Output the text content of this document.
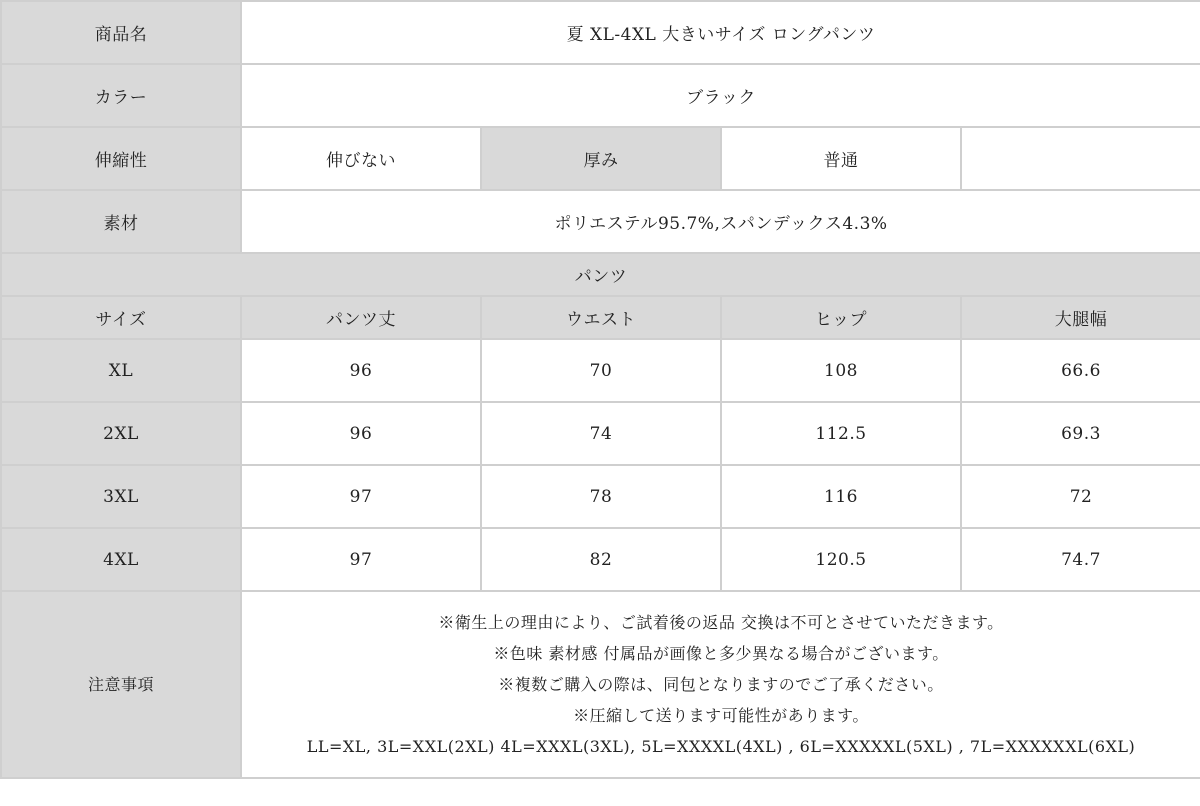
商品名	夏 XL-4XL 大きいサイズ ロングパンツ			
カラー	ブラック			
伸縮性	伸びない	厚み	普通	
素材	ポリエステル95.7%,スパンデックス4.3%			
パンツ				
サイズ	パンツ丈	ウエスト	ヒップ	大腿幅
XL	96	70	108	66.6
2XL	96	74	112.5	69.3
3XL	97	78	116	72
4XL	97	82	120.5	74.7
注意事項	※衛生上の理由により、ご試着後の返品 交換は不可とさせていただきます。
※色味 素材感 付属品が画像と多少異なる場合がございます。
※複数ご購入の際は、同包となりますのでご了承ください。
※圧縮して送ります可能性があります。
LL=XL, 3L=XXL(2XL) 4L=XXXL(3XL), 5L=XXXXL(4XL) , 6L=XXXXXL(5XL) , 7L=XXXXXXL(6XL)			
